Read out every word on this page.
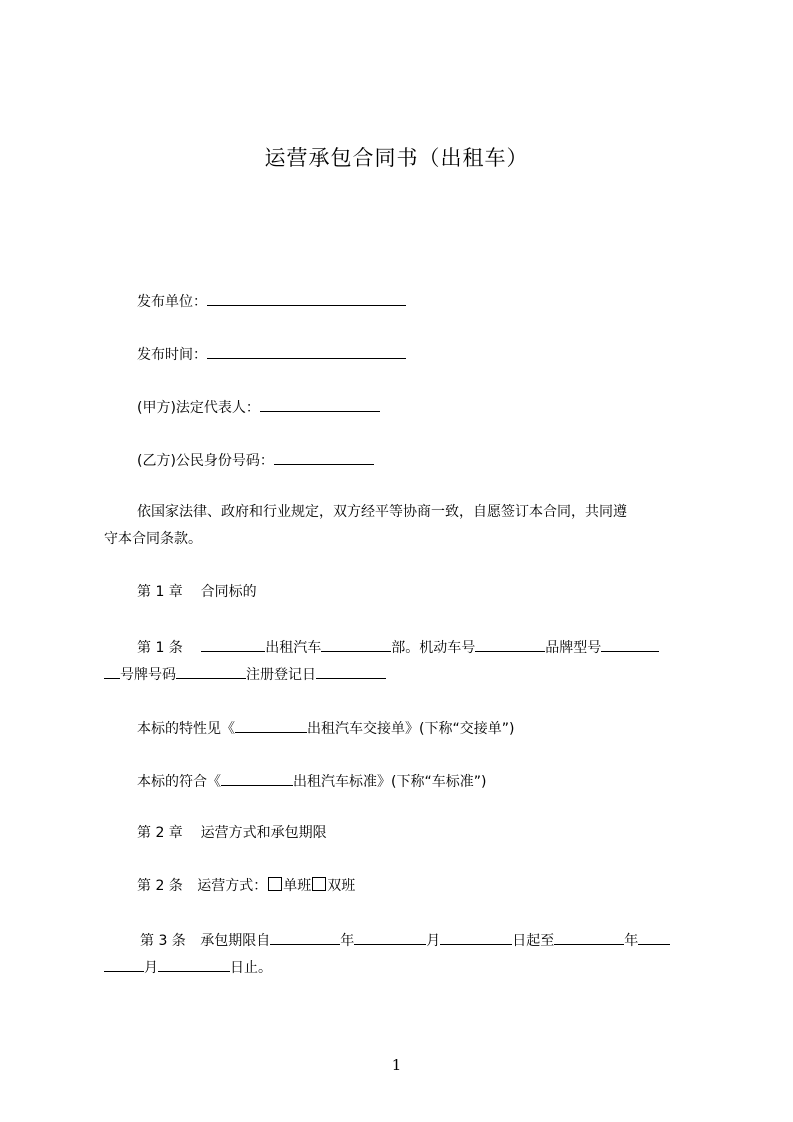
运营承包合同书（出租车）
发布单位：
发布时间：
(甲方)法定代表人：
(乙方)公民身份号码：
依国家法律、政府和行业规定，双方经平等协商一致，自愿签订本合同，共同遵
守本合同条款。
第 1 章    合同标的
第 1 条	出租汽车	部。机动车号	品牌型号
号牌号码	注册登记日
本标的特性见《	出租汽车交接单》(下称“交接单”)
本标的符合《	出租汽车标准》(下称“车标准”)
第 2 章    运营方式和承包期限
第 2 条 运营方式： 单班 双班
第 3 条 承包期限自	年	月	日起至	年
月	日止。
1
